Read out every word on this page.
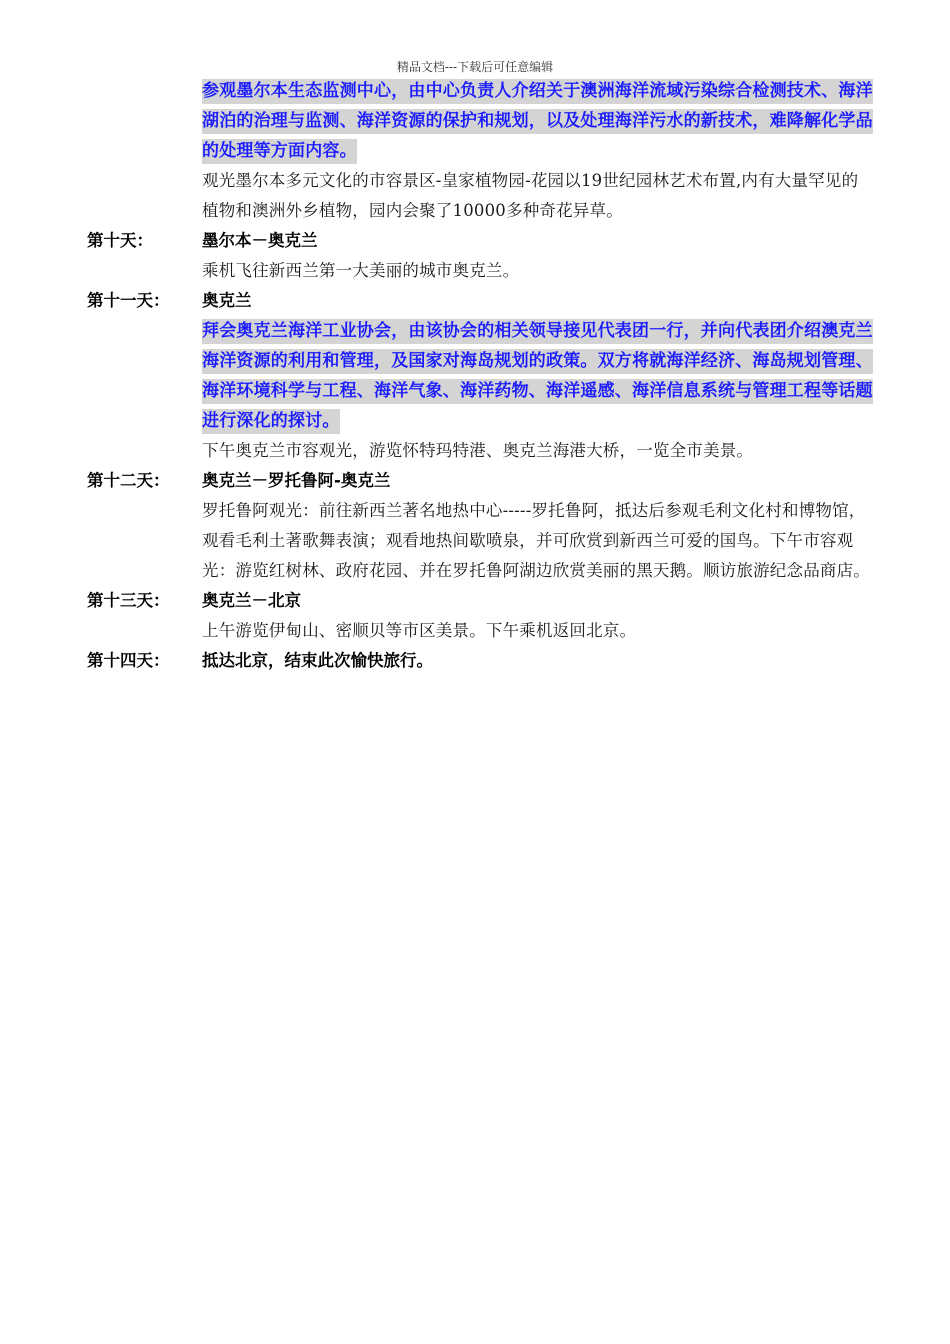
精品文档---下载后可任意编辑
参观墨尔本生态监测中心，由中心负责人介绍关于澳洲海洋流域污染综合检测技术、海洋湖泊的治理与监测、海洋资源的保护和规划，以及处理海洋污水的新技术，难降解化学品的处理等方面内容。
观光墨尔本多元文化的市容景区-皇家植物园-花园以19世纪园林艺术布置,内有大量罕见的植物和澳洲外乡植物，园内会聚了10000多种奇花异草。
第十天：	墨尔本－奥克兰
乘机飞往新西兰第一大美丽的城市奥克兰。
第十一天： 奥克兰
拜会奥克兰海洋工业协会，由该协会的相关领导接见代表团一行，并向代表团介绍澳克兰海洋资源的利用和管理，及国家对海岛规划的政策。双方将就海洋经济、海岛规划管理、海洋环境科学与工程、海洋气象、海洋药物、海洋遥感、海洋信息系统与管理工程等话题进行深化的探讨。
下午奥克兰市容观光，游览怀特玛特港、奥克兰海港大桥，一览全市美景。
第十二天： 奥克兰－罗托鲁阿-奥克兰
罗托鲁阿观光：前往新西兰著名地热中心-----罗托鲁阿，抵达后参观毛利文化村和博物馆，观看毛利土著歌舞表演；观看地热间歇喷泉，并可欣赏到新西兰可爱的国鸟。下午市容观光：游览红树林、政府花园、并在罗托鲁阿湖边欣赏美丽的黑天鹅。顺访旅游纪念品商店。
第十三天： 奥克兰－北京
上午游览伊甸山、密顺贝等市区美景。下午乘机返回北京。
第十四天： 抵达北京，结束此次愉快旅行。
